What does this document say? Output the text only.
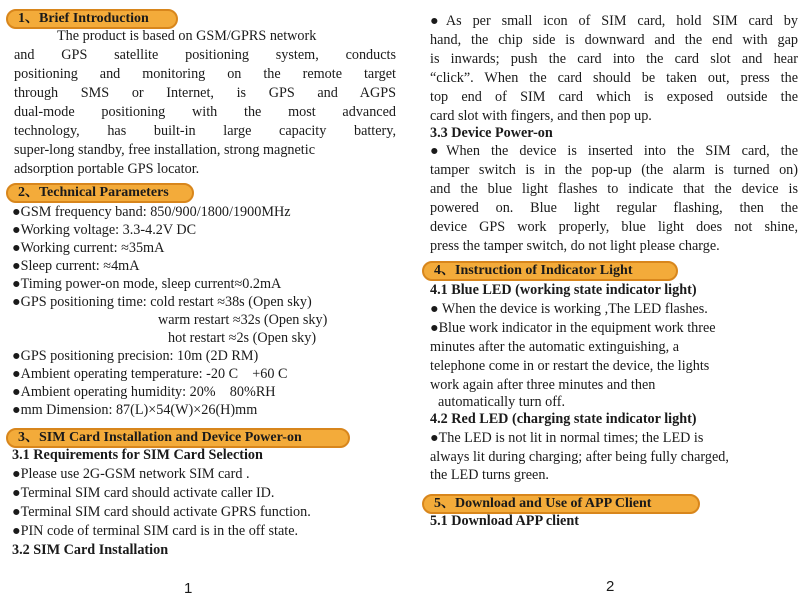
1、Brief Introduction
The product is based on GSM/GPRS network
and GPS satellite positioning system, conducts
positioning and monitoring on the remote target
through SMS or Internet, is GPS and AGPS
dual-mode positioning with the most advanced
technology, has built-in large capacity battery,
super-long standby, free installation, strong magnetic
adsorption portable GPS locator.
2、Technical Parameters
●GSM frequency band: 850/900/1800/1900MHz
●Working voltage: 3.3-4.2V DC
●Working current: ≈35mA
●Sleep current: ≈4mA
●Timing power-on mode, sleep current≈0.2mA
●GPS positioning time: cold restart ≈38s (Open sky)
warm restart ≈32s (Open sky)
hot restart ≈2s (Open sky)
●GPS positioning precision: 10m (2D RM)
●Ambient operating temperature: -20 C    +60 C
●Ambient operating humidity: 20%    80%RH
●mm Dimension: 87(L)×54(W)×26(H)mm
3、SIM Card Installation and Device Power-on
3.1 Requirements for SIM Card Selection
●Please use 2G-GSM network SIM card .
●Terminal SIM card should activate caller ID.
●Terminal SIM card should activate GPRS function.
●PIN code of terminal SIM card is in the off state.
3.2 SIM Card Installation
1
●As per small icon of SIM card, hold SIM card by
hand, the chip side is downward and the end with gap
is inwards; push the card into the card slot and hear
“click”. When the card should be taken out, press the
top end of SIM card which is exposed outside the
card slot with fingers, and then pop up.
3.3 Device Power-on
●When the device is inserted into the SIM card, the
tamper switch is in the pop-up (the alarm is turned on)
and the blue light flashes to indicate that the device is
powered on. Blue light regular flashing, then the
device GPS work properly, blue light does not shine,
press the tamper switch, do not light please charge.
4、Instruction of Indicator Light
4.1 Blue LED (working state indicator light)
● When the device is working ,The LED flashes.
●Blue work indicator in the equipment work three
minutes after the automatic extinguishing, a
telephone come in or restart the device, the lights
work again after three minutes and then
automatically turn off.
4.2 Red LED (charging state indicator light)
●The LED is not lit in normal times; the LED is
always lit during charging; after being fully charged,
the LED turns green.
5、Download and Use of APP Client
5.1 Download APP client
2
